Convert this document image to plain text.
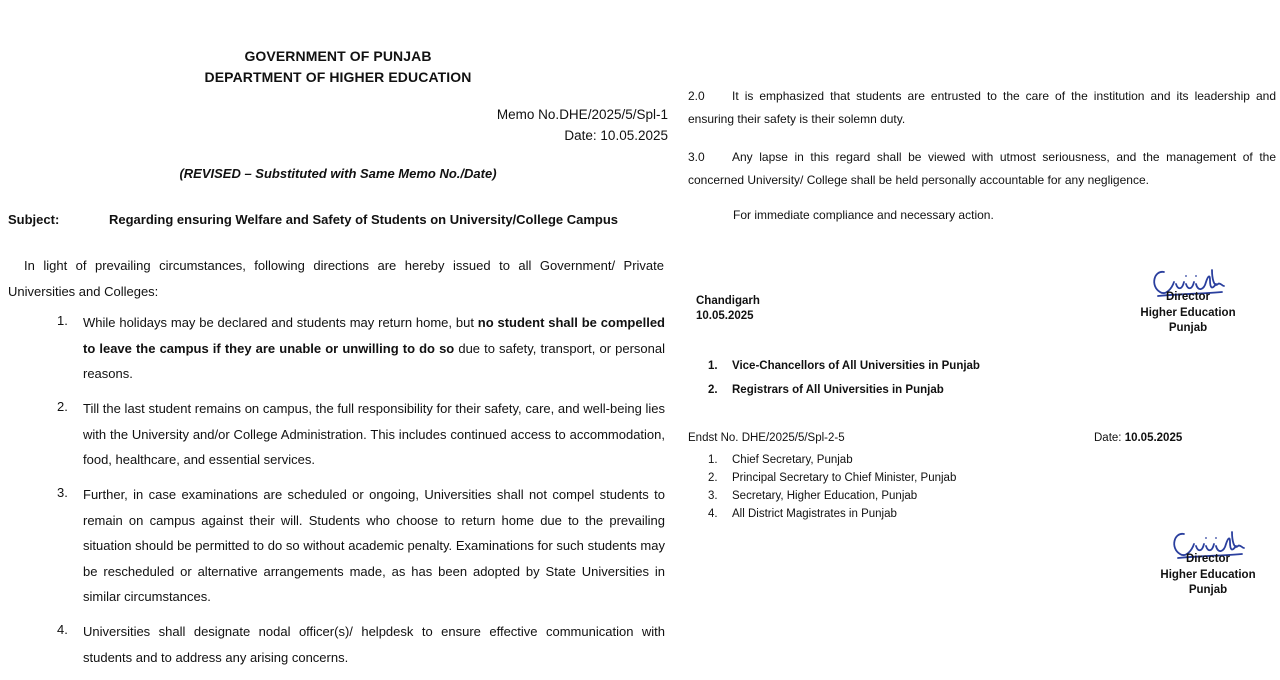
GOVERNMENT OF PUNJAB
DEPARTMENT OF HIGHER EDUCATION
Memo No.DHE/2025/5/Spl-1
Date: 10.05.2025
(REVISED – Substituted with Same Memo No./Date)
Subject:	Regarding ensuring Welfare and Safety of Students on University/College Campus

In light of prevailing circumstances, following directions are hereby issued to all Government/ Private Universities and Colleges:

1. While holidays may be declared and students may return home, but no student shall be compelled to leave the campus if they are unable or unwilling to do so due to safety, transport, or personal reasons.

2. Till the last student remains on campus, the full responsibility for their safety, care, and well-being lies with the University and/or College Administration. This includes continued access to accommodation, food, healthcare, and essential services.

3. Further, in case examinations are scheduled or ongoing, Universities shall not compel students to remain on campus against their will. Students who choose to return home due to the prevailing situation should be permitted to do so without academic penalty. Examinations for such students may be rescheduled or alternative arrangements made, as has been adopted by State Universities in similar circumstances.

4. Universities shall designate nodal officer(s)/ helpdesk to ensure effective communication with students and to address any arising concerns.

2.0 It is emphasized that students are entrusted to the care of the institution and its leadership and ensuring their safety is their solemn duty.

3.0 Any lapse in this regard shall be viewed with utmost seriousness, and the management of the concerned University/ College shall be held personally accountable for any negligence.

For immediate compliance and necessary action.
Chandigarh
10.05.2025
Director
Higher Education
Punjab
1. Vice-Chancellors of All Universities in Punjab
2. Registrars of All Universities in Punjab
Endst No. DHE/2025/5/Spl-2-5	Date: 10.05.2025
1. Chief Secretary, Punjab
2. Principal Secretary to Chief Minister, Punjab
3. Secretary, Higher Education, Punjab
4. All District Magistrates in Punjab
Director
Higher Education
Punjab
